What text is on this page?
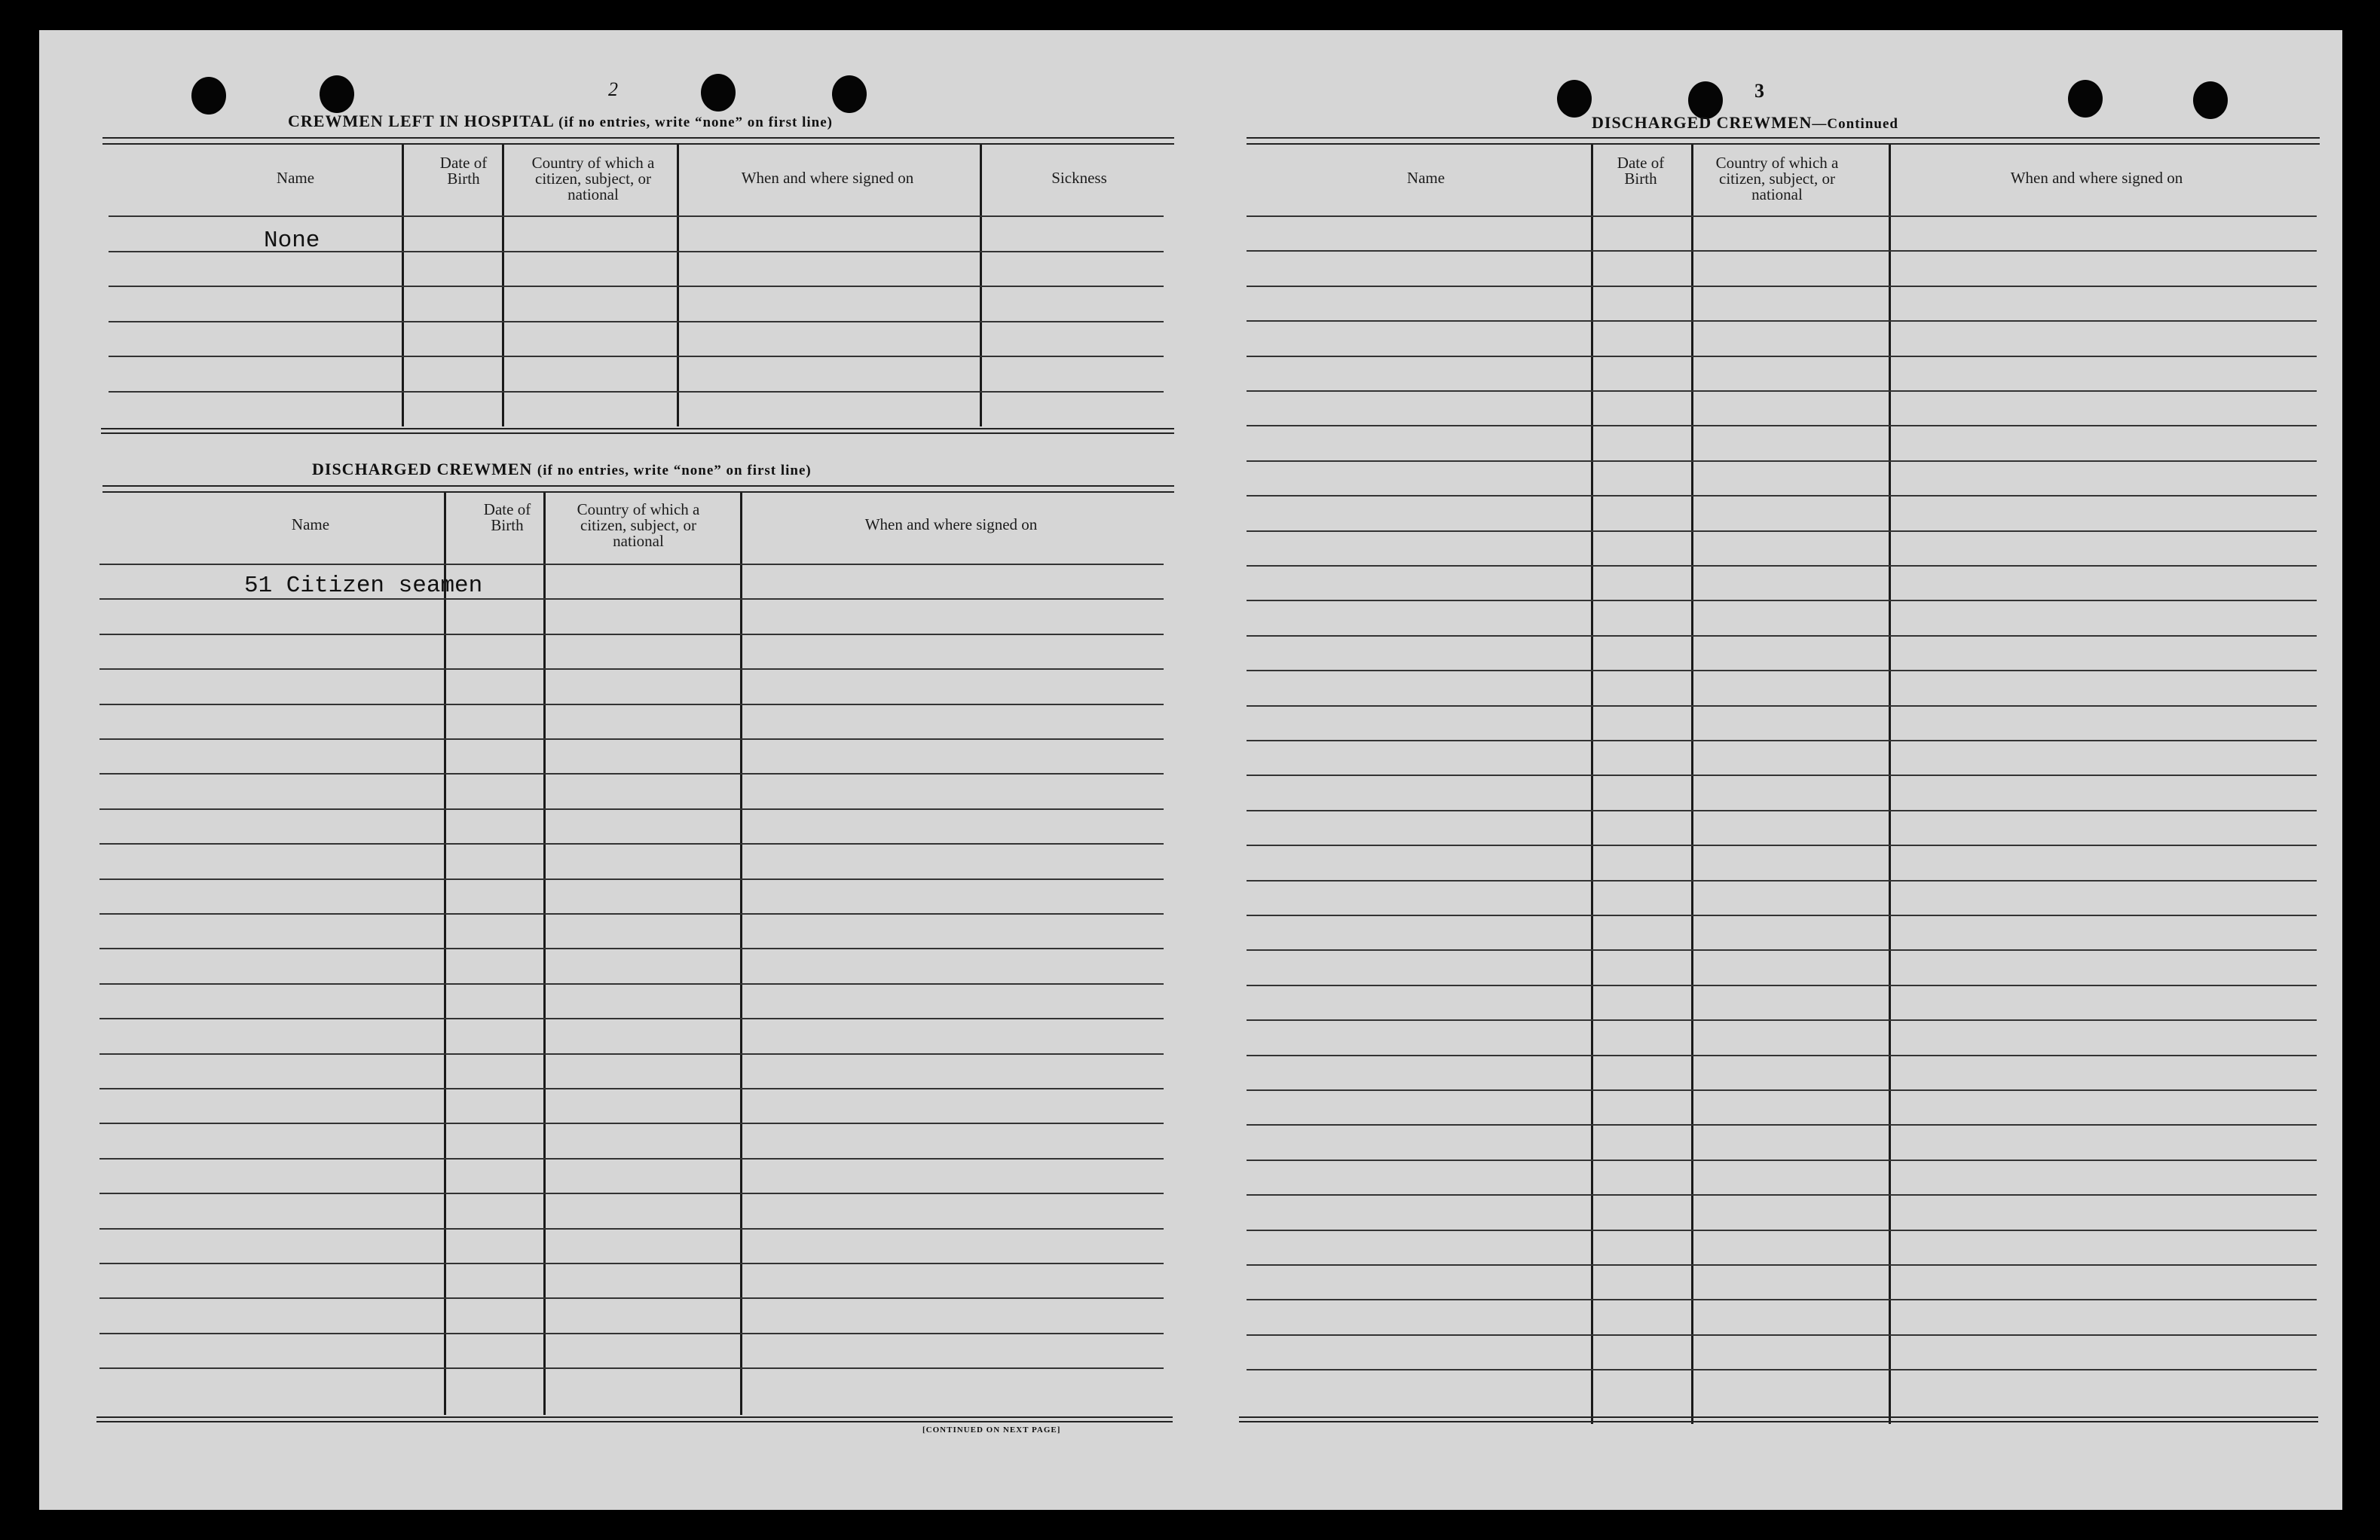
2
CREWMEN LEFT IN HOSPITAL (if no entries, write “none” on first line)
Name
Date of Birth
Country of which a citizen, subject, or national
When and where signed on	Sickness
None
DISCHARGED CREWMEN (if no entries, write “none” on first line)
Name
Date of Birth
Country of which a citizen, subject, or national
When and where signed on
51 Citizen seamen
[CONTINUED ON NEXT PAGE]
3
DISCHARGED CREWMEN—Continued
Name
Date of Birth
Country of which a citizen, subject, or national
When and where signed on
